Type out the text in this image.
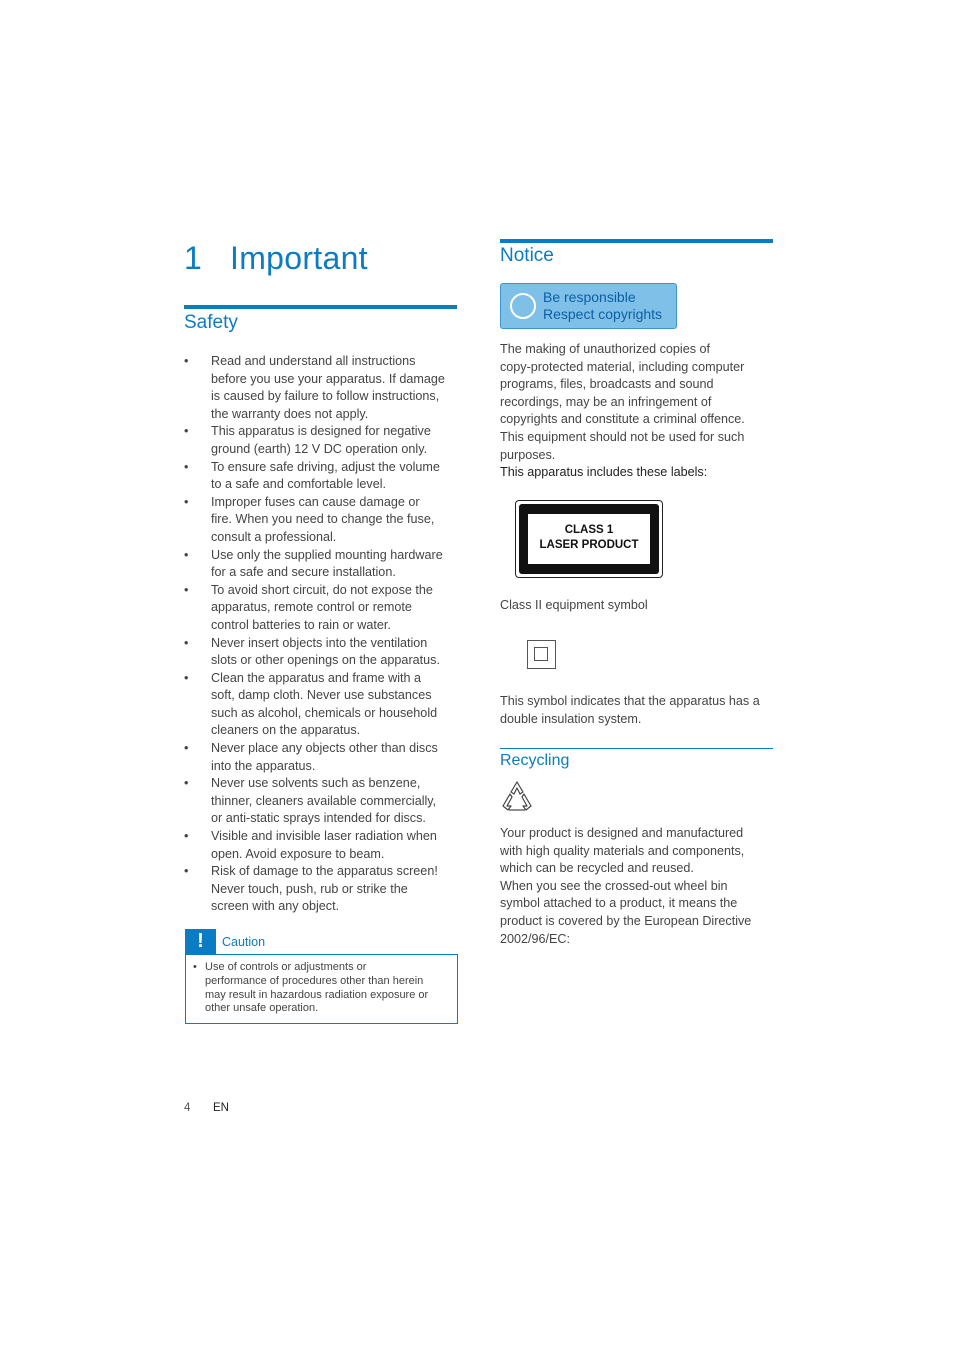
1 Important
Safety
• Read and understand all instructions
before you use your apparatus. If damage
is caused by failure to follow instructions,
the warranty does not apply.
• This apparatus is designed for negative
ground (earth) 12 V DC operation only.
• To ensure safe driving, adjust the volume
to a safe and comfortable level.
• Improper fuses can cause damage or
fire. When you need to change the fuse,
consult a professional.
• Use only the supplied mounting hardware
for a safe and secure installation.
• To avoid short circuit, do not expose the
apparatus, remote control or remote
control batteries to rain or water.
• Never insert objects into the ventilation
slots or other openings on the apparatus.
• Clean the apparatus and frame with a
soft, damp cloth. Never use substances
such as alcohol, chemicals or household
cleaners on the apparatus.
• Never place any objects other than discs
into the apparatus.
• Never use solvents such as benzene,
thinner, cleaners available commercially,
or anti-static sprays intended for discs.
• Visible and invisible laser radiation when
open. Avoid exposure to beam.
• Risk of damage to the apparatus screen!
Never touch, push, rub or strike the
screen with any object.
!	Caution
• Use of controls or adjustments or
performance of procedures other than herein
may result in hazardous radiation exposure or
other unsafe operation.
Notice
Be responsible
Respect copyrights
The making of unauthorized copies of
copy-protected material, including computer
programs, files, broadcasts and sound
recordings, may be an infringement of
copyrights and constitute a criminal offence.
This equipment should not be used for such
purposes.
This apparatus includes these labels:
CLASS 1
LASER PRODUCT
Class II equipment symbol
This symbol indicates that the apparatus has a
double insulation system.
Recycling
Your product is designed and manufactured
with high quality materials and components,
which can be recycled and reused.
When you see the crossed-out wheel bin
symbol attached to a product, it means the
product is covered by the European Directive
2002/96/EC:
4 EN
